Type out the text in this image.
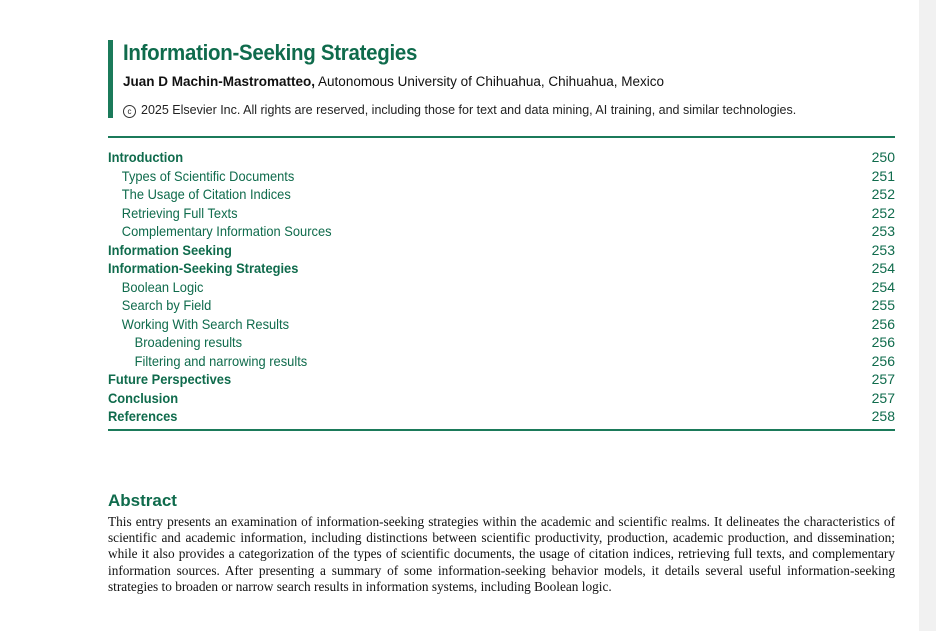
Information-Seeking Strategies
Juan D Machin-Mastromatteo, Autonomous University of Chihuahua, Chihuahua, Mexico
c 2025 Elsevier Inc. All rights are reserved, including those for text and data mining, AI training, and similar technologies.
Introduction	250
Types of Scientific Documents	251
The Usage of Citation Indices	252
Retrieving Full Texts	252
Complementary Information Sources	253
Information Seeking	253
Information-Seeking Strategies	254
Boolean Logic	254
Search by Field	255
Working With Search Results	256
Broadening results	256
Filtering and narrowing results	256
Future Perspectives	257
Conclusion	257
References	258
Abstract
This entry presents an examination of information-seeking strategies within the academic and scientific realms. It delineates the characteristics of scientific and academic information, including distinctions between scientific productivity, production, academic production, and dissemination; while it also provides a categorization of the types of scientific documents, the usage of citation indices, retrieving full texts, and complementary information sources. After presenting a summary of some information-seeking behavior models, it details several useful information-seeking strategies to broaden or narrow search results in information systems, including Boolean logic.
